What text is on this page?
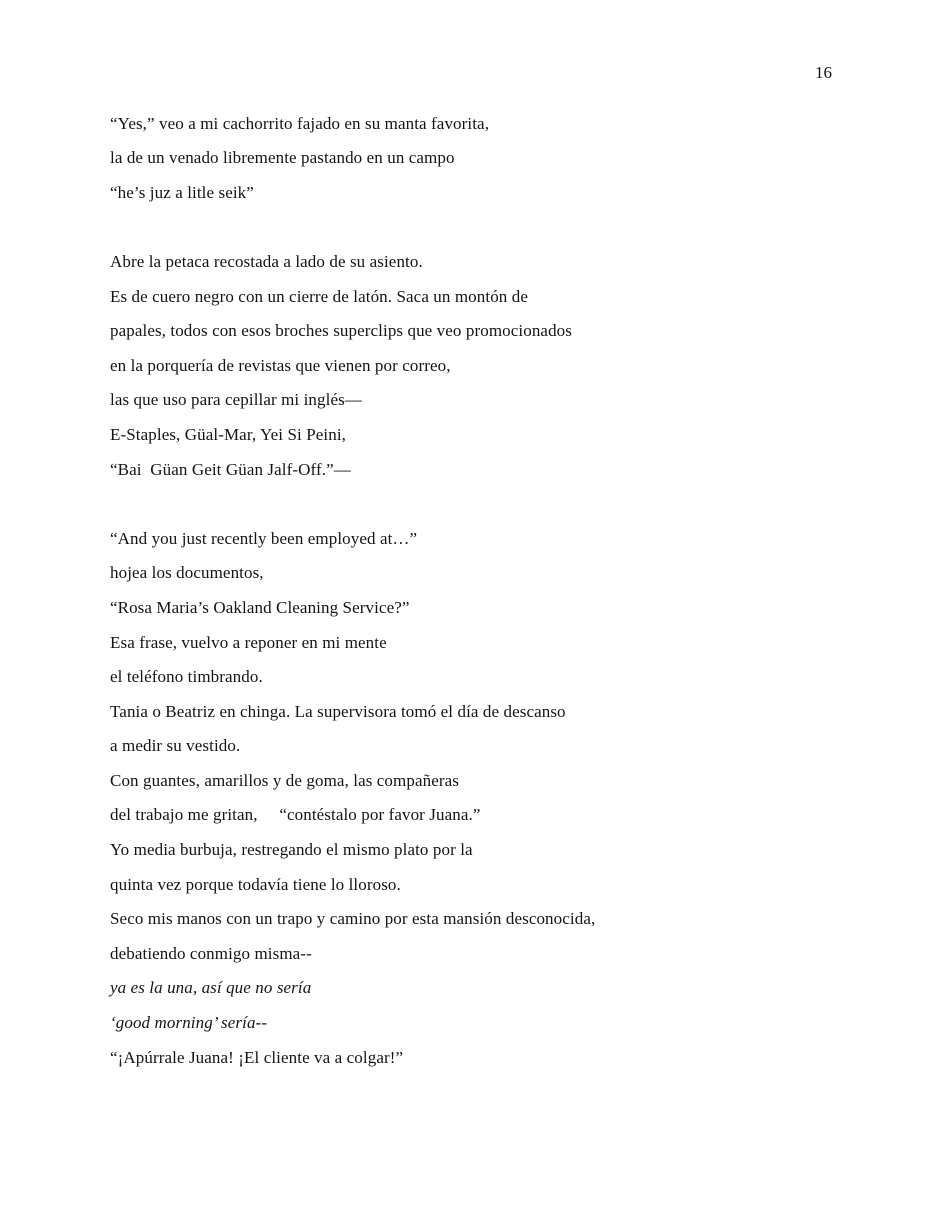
16

“Yes,” veo a mi cachorrito fajado en su manta favorita,

la de un venado libremente pastando en un campo

“he’s juz a litle seik”

Abre la petaca recostada a lado de su asiento.

Es de cuero negro con un cierre de latón. Saca un montón de

papales, todos con esos broches superclips que veo promocionados

en la porquería de revistas que vienen por correo,

las que uso para cepillar mi inglés—

E-Staples, Güal-Mar, Yei Si Peini,

“Bai  Güan Geit Güan Jalf-Off.”—

“And you just recently been employed at…”

hojea los documentos,

“Rosa Maria’s Oakland Cleaning Service?”

Esa frase, vuelvo a reponer en mi mente

el teléfono timbrando.

Tania o Beatriz en chinga. La supervisora tomó el día de descanso

a medir su vestido.

Con guantes, amarillos y de goma, las compañeras

del trabajo me gritan,     “contéstalo por favor Juana.”

Yo media burbuja, restregando el mismo plato por la

quinta vez porque todavía tiene lo lloroso.

Seco mis manos con un trapo y camino por esta mansión desconocida,

debatiendo conmigo misma--

ya es la una, así que no sería

‘good morning’ sería--

“¡Apúrrale Juana! ¡El cliente va a colgar!”
